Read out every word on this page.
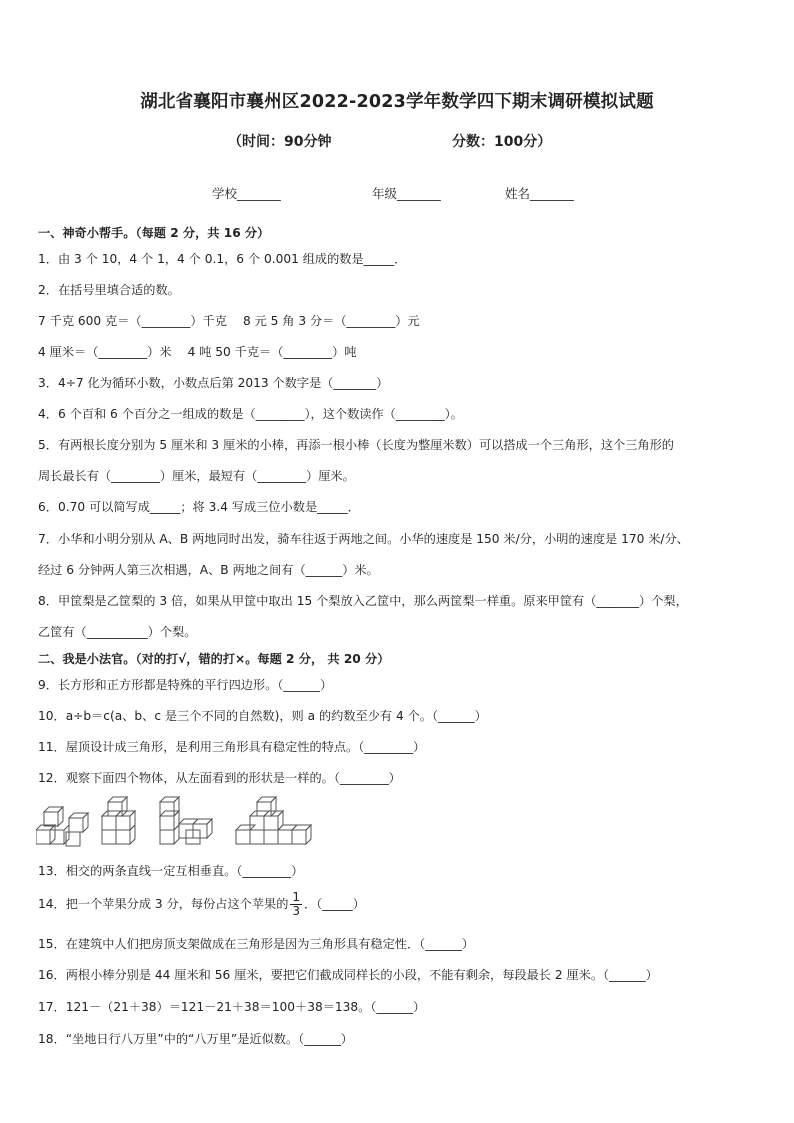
湖北省襄阳市襄州区2022-2023学年数学四下期末调研模拟试题
（时间：90分钟	分数：100分）
学校_______	年级_______	姓名_______
一、神奇小帮手。（每题 2 分，共 16 分）
1．由 3 个 10，4 个 1，4 个 0.1，6 个 0.001 组成的数是_____．
2．在括号里填合适的数。
7 千克 600 克＝（________）千克　 8 元 5 角 3 分＝（________）元
4 厘米＝（________）米　 4 吨 50 千克＝（________）吨
3．4÷7 化为循环小数，小数点后第 2013 个数字是（_______）
4．6 个百和 6 个百分之一组成的数是（________），这个数读作（________）。
5．有两根长度分别为 5 厘米和 3 厘米的小棒，再添一根小棒（长度为整厘米数）可以搭成一个三角形，这个三角形的
周长最长有（________）厘米，最短有（________）厘米。
6．0.70 可以简写成_____；将 3.4 写成三位小数是_____．
7．小华和小明分别从 A、B 两地同时出发，骑车往返于两地之间。小华的速度是 150 米/分，小明的速度是 170 米/分、
经过 6 分钟两人第三次相遇，A、B 两地之间有（______）米。
8．甲筐梨是乙筐梨的 3 倍，如果从甲筐中取出 15 个梨放入乙筐中，那么两筐梨一样重。原来甲筐有（_______）个梨，
乙筐有（__________）个梨。
二、我是小法官。（对的打√，错的打×。每题 2 分， 共 20 分）
9．长方形和正方形都是特殊的平行四边形。（______）
10．a÷b＝c(a、b、c 是三个不同的自然数)，则 a 的约数至少有 4 个。（______）
11．屋顶设计成三角形，是利用三角形具有稳定性的特点。（________）
12．观察下面四个物体，从左面看到的形状是一样的。（________）
13．相交的两条直线一定互相垂直。（________）
14．把一个苹果分成 3 分，每份占这个苹果的 $\frac{1}{3}$ ．（_____）
15．在建筑中人们把房顶支架做成在三角形是因为三角形具有稳定性．（______）
16．两根小棒分别是 44 厘米和 56 厘米，要把它们截成同样长的小段，不能有剩余，每段最长 2 厘米。（______）
17．121－（21＋38）＝121－21＋38＝100＋38＝138。（______）
18．“坐地日行八万里”中的“八万里”是近似数。（______）
